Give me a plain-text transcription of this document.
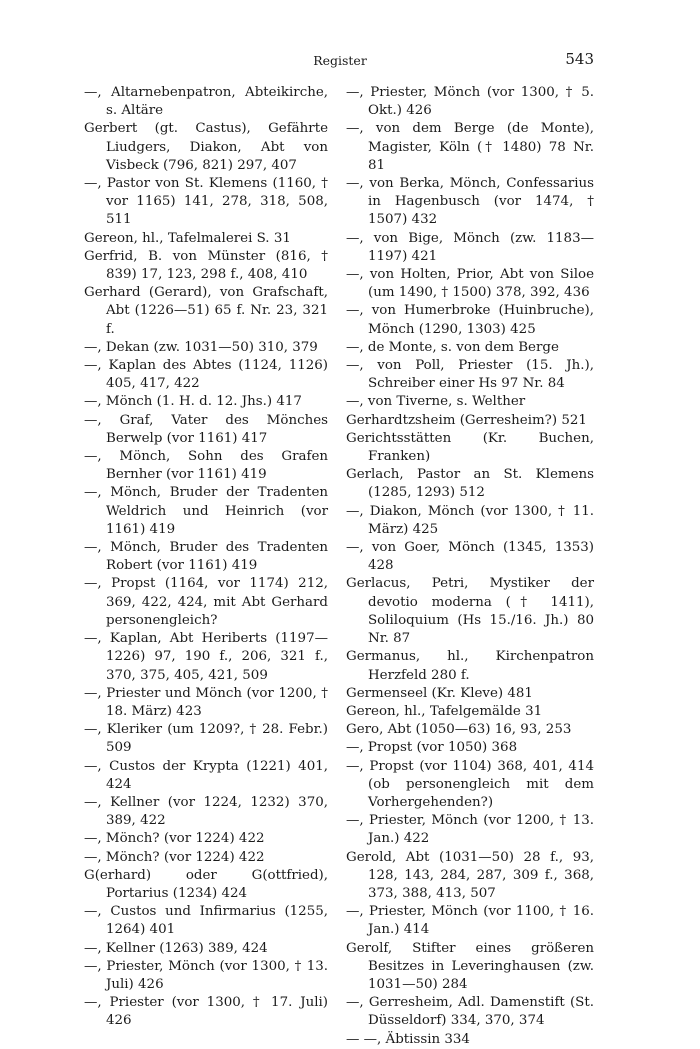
Register	543

—, Altarnebenpatron, Abteikirche, s. Altäre

Gerbert (gt. Castus), Gefährte Liudgers, Diakon, Abt von Visbeck (796, 821) 297, 407

—, Pastor von St. Klemens (1160, † vor 1165) 141, 278, 318, 508, 511

Gereon, hl., Tafelmalerei S. 31

Gerfrid, B. von Münster (816, † 839) 17, 123, 298 f., 408, 410

Gerhard (Gerard), von Grafschaft, Abt (1226—51) 65 f. Nr. 23, 321 f.

—, Dekan (zw. 1031—50) 310, 379

—, Kaplan des Abtes (1124, 1126) 405, 417, 422

—, Mönch (1. H. d. 12. Jhs.) 417

—, Graf, Vater des Mönches Berwelp (vor 1161) 417

—, Mönch, Sohn des Grafen Bernher (vor 1161) 419

—, Mönch, Bruder der Tradenten Weldrich und Heinrich (vor 1161) 419

—, Mönch, Bruder des Tradenten Robert (vor 1161) 419

—, Propst (1164, vor 1174) 212, 369, 422, 424, mit Abt Gerhard personengleich?

—, Kaplan, Abt Heriberts (1197—1226) 97, 190 f., 206, 321 f., 370, 375, 405, 421, 509

—, Priester und Mönch (vor 1200, † 18. März) 423

—, Kleriker (um 1209?, † 28. Febr.) 509

—, Custos der Krypta (1221) 401, 424

—, Kellner (vor 1224, 1232) 370, 389, 422

—, Mönch? (vor 1224) 422

—, Mönch? (vor 1224) 422

G(erhard) oder G(ottfried), Portarius (1234) 424

—, Custos und Infirmarius (1255, 1264) 401

—, Kellner (1263) 389, 424

—, Priester, Mönch (vor 1300, † 13. Juli) 426

—, Priester (vor 1300, † 17. Juli) 426

—, Priester, Mönch (vor 1300, † 5. Okt.) 426

—, von dem Berge (de Monte), Magister, Köln († 1480) 78 Nr. 81

—, von Berka, Mönch, Confessarius in Hagenbusch (vor 1474, † 1507) 432

—, von Bige, Mönch (zw. 1183—1197) 421

—, von Holten, Prior, Abt von Siloe (um 1490, † 1500) 378, 392, 436

—, von Humerbroke (Huinbruche), Mönch (1290, 1303) 425

—, de Monte, s. von dem Berge

—, von Poll, Priester (15. Jh.), Schreiber einer Hs 97 Nr. 84

—, von Tiverne, s. Welther

Gerhardtzsheim (Gerresheim?) 521

Gerichtsstätten (Kr. Buchen, Franken)

Gerlach, Pastor an St. Klemens (1285, 1293) 512

—, Diakon, Mönch (vor 1300, † 11. März) 425

—, von Goer, Mönch (1345, 1353) 428

Gerlacus, Petri, Mystiker der devotio moderna († 1411), Soliloquium (Hs 15./16. Jh.) 80 Nr. 87

Germanus, hl., Kirchenpatron Herzfeld 280 f.

Germenseel (Kr. Kleve) 481

Gereon, hl., Tafelgemälde 31

Gero, Abt (1050—63) 16, 93, 253

—, Propst (vor 1050) 368

—, Propst (vor 1104) 368, 401, 414 (ob personengleich mit dem Vorhergehenden?)

—, Priester, Mönch (vor 1200, † 13. Jan.) 422

Gerold, Abt (1031—50) 28 f., 93, 128, 143, 284, 287, 309 f., 368, 373, 388, 413, 507

—, Priester, Mönch (vor 1100, † 16. Jan.) 414

Gerolf, Stifter eines größeren Besitzes in Leveringhausen (zw. 1031—50) 284

—, Gerresheim, Adl. Damenstift (St. Düsseldorf) 334, 370, 374

— —, Äbtissin 334
